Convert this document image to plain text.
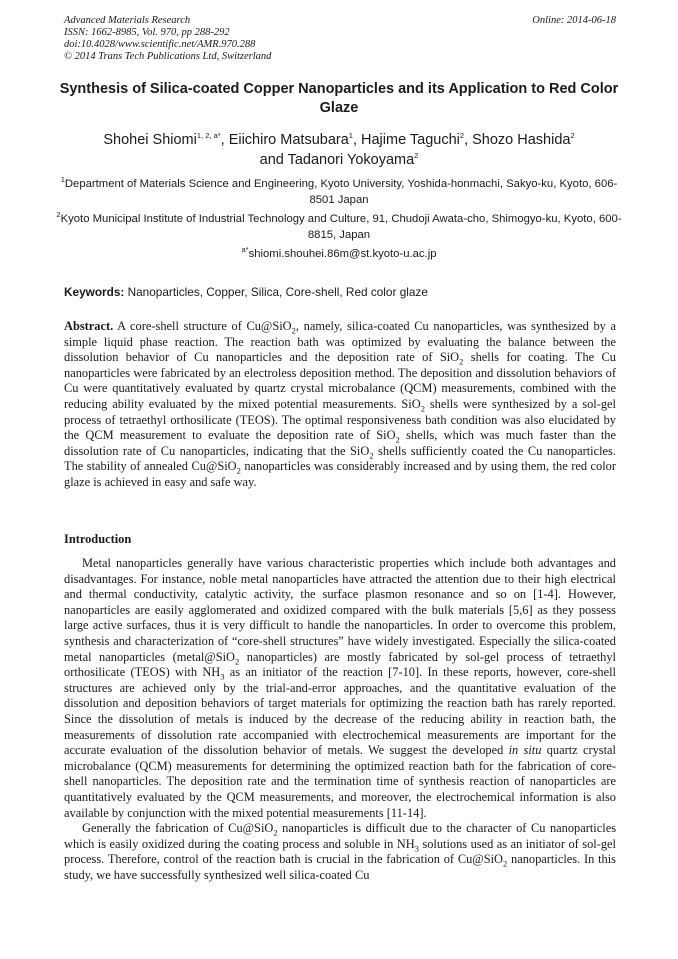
Advanced Materials Research
ISSN: 1662-8985, Vol. 970, pp 288-292
doi:10.4028/www.scientific.net/AMR.970.288
© 2014 Trans Tech Publications Ltd, Switzerland
Online: 2014-06-18
Synthesis of Silica-coated Copper Nanoparticles and its Application to Red Color Glaze
Shohei Shiomi$^{1, 2, a*}$, Eiichiro Matsubara$^1$, Hajime Taguchi$^2$, Shozo Hashida$^2$
and Tadanori Yokoyama$^2$
$^1$Department of Materials Science and Engineering, Kyoto University, Yoshida-honmachi, Sakyo-ku, Kyoto, 606-8501 Japan
$^2$Kyoto Municipal Institute of Industrial Technology and Culture, 91, Chudoji Awata-cho, Shimogyo-ku, Kyoto, 600-8815, Japan
$^{a*}$shiomi.shouhei.86m@st.kyoto-u.ac.jp
Keywords: Nanoparticles, Copper, Silica, Core-shell, Red color glaze

Abstract. A core-shell structure of Cu@SiO$_2$, namely, silica-coated Cu nanoparticles, was synthesized by a simple liquid phase reaction. The reaction bath was optimized by evaluating the balance between the dissolution behavior of Cu nanoparticles and the deposition rate of SiO$_2$ shells for coating. The Cu nanoparticles were fabricated by an electroless deposition method. The deposition and dissolution behaviors of Cu were quantitatively evaluated by quartz crystal microbalance (QCM) measurements, combined with the reducing ability evaluated by the mixed potential measurements. SiO$_2$ shells were synthesized by a sol-gel process of tetraethyl orthosilicate (TEOS). The optimal responsiveness bath condition was also elucidated by the QCM measurement to evaluate the deposition rate of SiO$_2$ shells, which was much faster than the dissolution rate of Cu nanoparticles, indicating that the SiO$_2$ shells sufficiently coated the Cu nanoparticles. The stability of annealed Cu@SiO$_2$ nanoparticles was considerably increased and by using them, the red color glaze is achieved in easy and safe way.

Introduction

Metal nanoparticles generally have various characteristic properties which include both advantages and disadvantages. For instance, noble metal nanoparticles have attracted the attention due to their high electrical and thermal conductivity, catalytic activity, the surface plasmon resonance and so on [1-4]. However, nanoparticles are easily agglomerated and oxidized compared with the bulk materials [5,6] as they possess large active surfaces, thus it is very difficult to handle the nanoparticles. In order to overcome this problem, synthesis and characterization of “core-shell structures” have widely investigated. Especially the silica-coated metal nanoparticles (metal@SiO$_2$ nanoparticles) are mostly fabricated by sol-gel process of tetraethyl orthosilicate (TEOS) with $NH_3$ as an initiator of the reaction [7-10]. In these reports, however, core-shell structures are achieved only by the trial-and-error approaches, and the quantitative evaluation of the dissolution and deposition behaviors of target materials for optimizing the reaction bath has rarely reported. Since the dissolution of metals is induced by the decrease of the reducing ability in reaction bath, the measurements of dissolution rate accompanied with electrochemical measurements are important for the accurate evaluation of the dissolution behavior of metals. We suggest the developed in situ quartz crystal microbalance (QCM) measurements for determining the optimized reaction bath for the fabrication of core-shell nanoparticles. The deposition rate and the termination time of synthesis reaction of nanoparticles are quantitatively evaluated by the QCM measurements, and moreover, the electrochemical information is also available by conjunction with the mixed potential measurements [11-14].

Generally the fabrication of Cu@SiO$_2$ nanoparticles is difficult due to the character of Cu nanoparticles which is easily oxidized during the coating process and soluble in $NH_3$ solutions used as an initiator of sol-gel process. Therefore, control of the reaction bath is crucial in the fabrication of Cu@SiO$_2$ nanoparticles. In this study, we have successfully synthesized well silica-coated Cu
